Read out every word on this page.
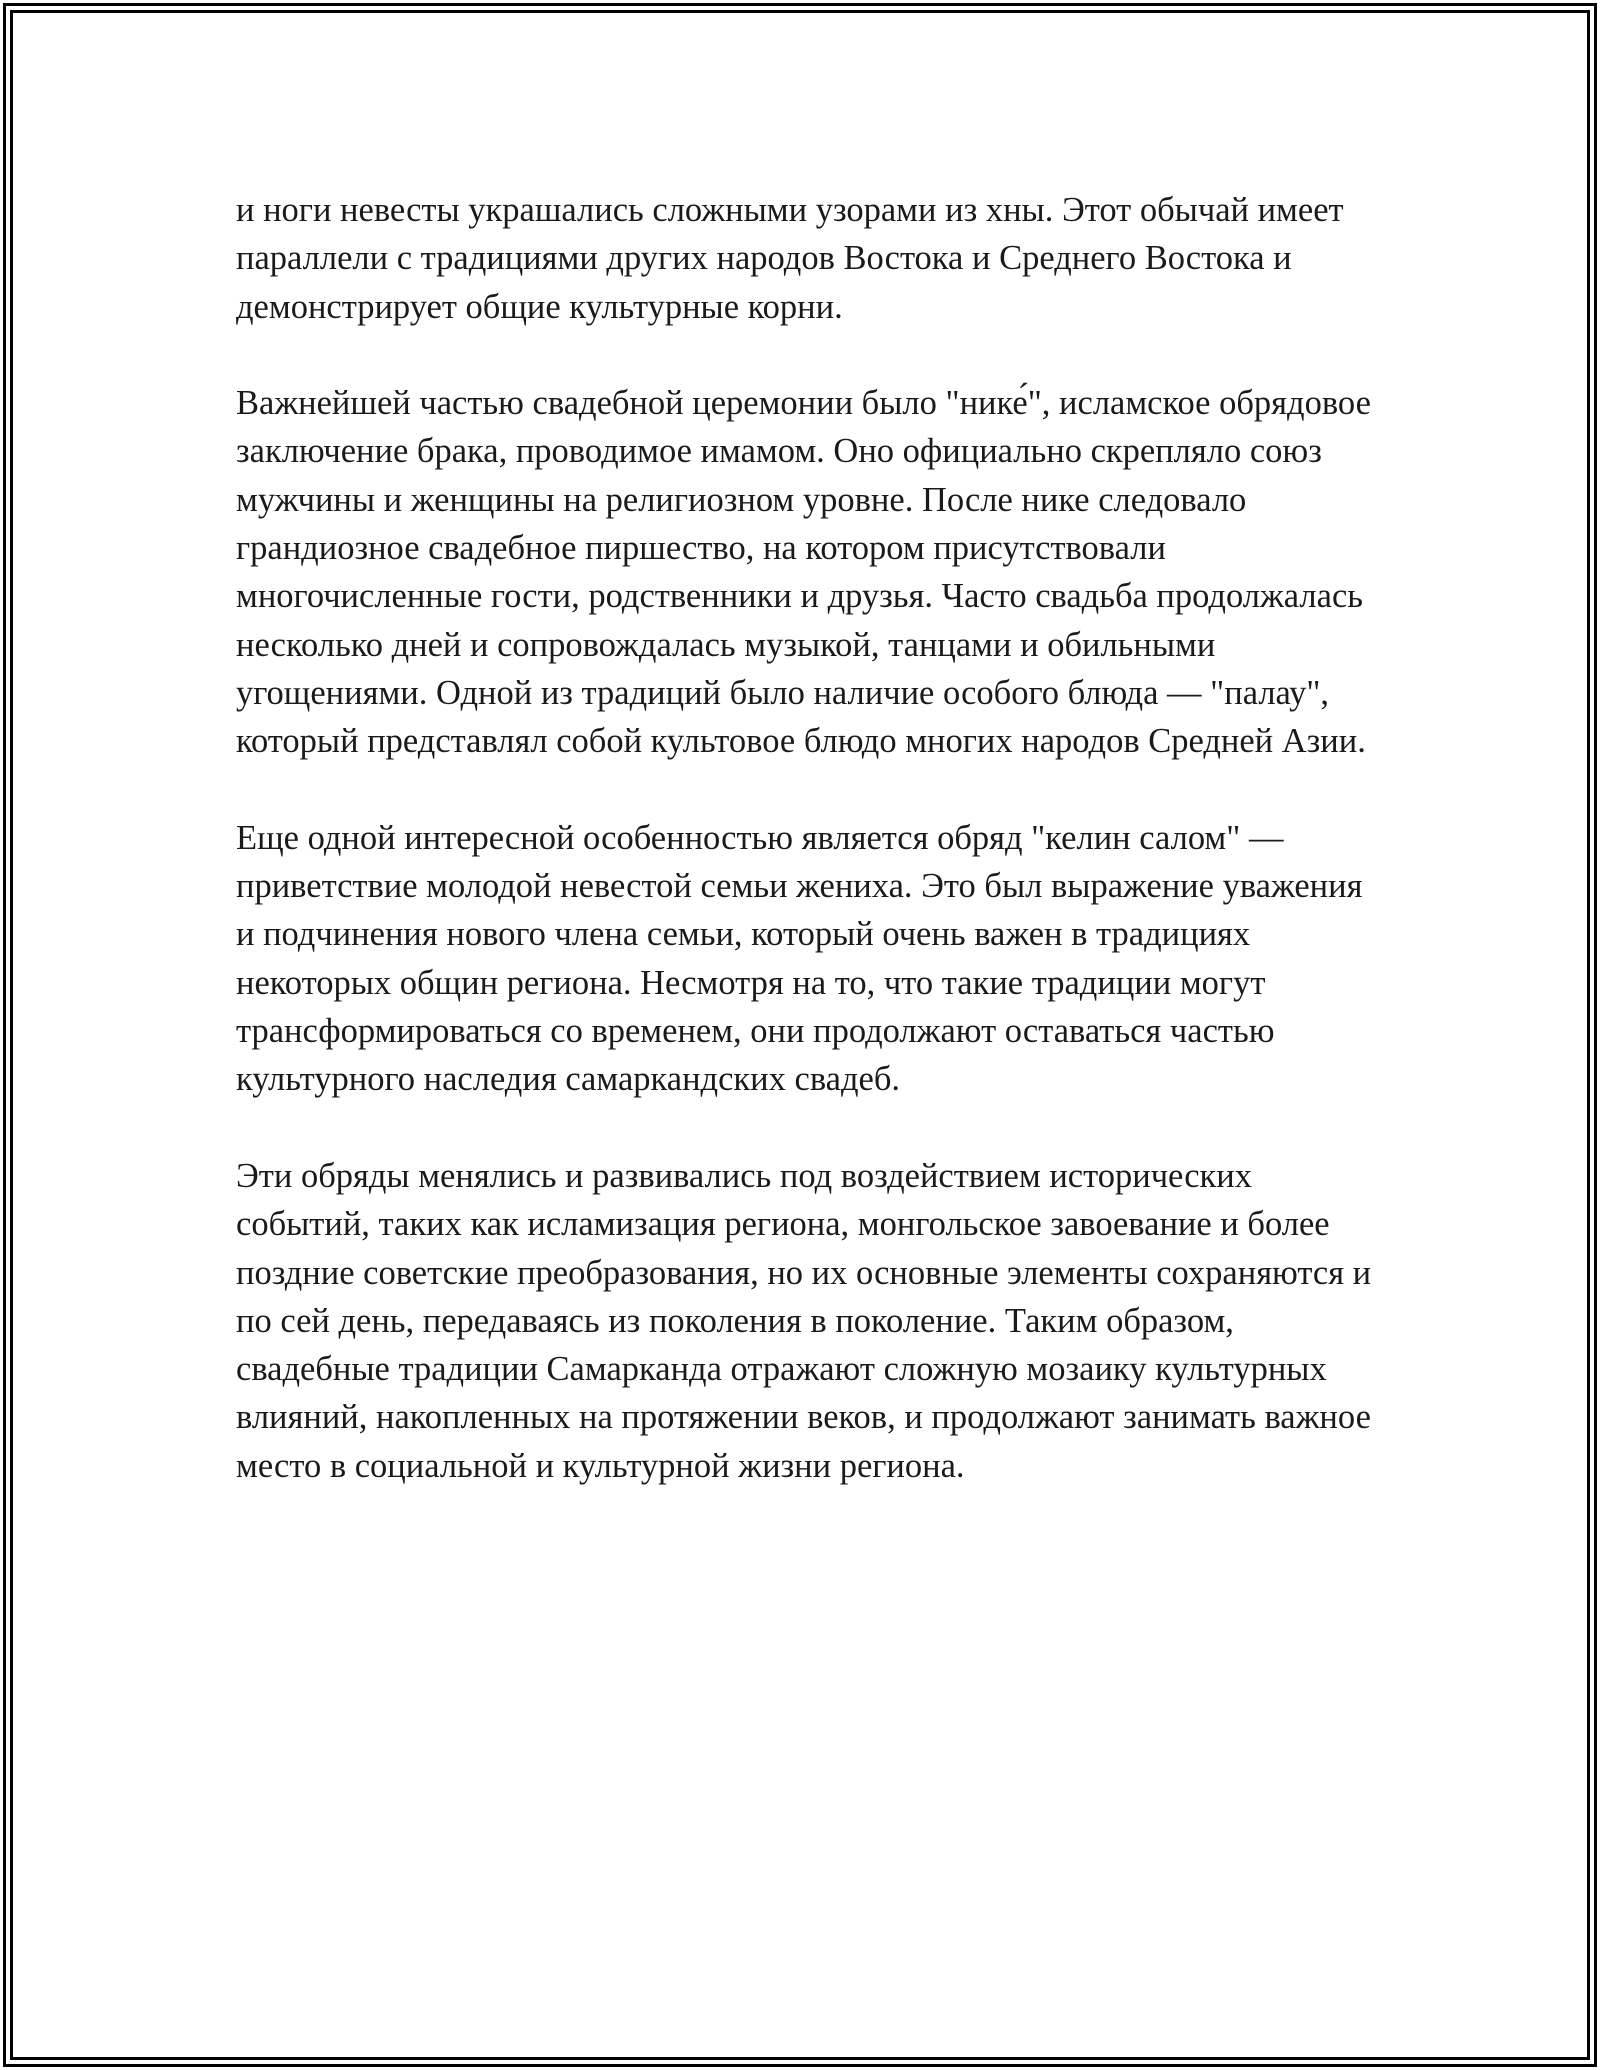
и ноги невесты украшались сложными узорами из хны. Этот обычай имеет параллели с традициями других народов Востока и Среднего Востока и демонстрирует общие культурные корни.

Важнейшей частью свадебной церемонии было "нике́", исламское обрядовое заключение брака, проводимое имамом. Оно официально скрепляло союз мужчины и женщины на религиозном уровне. После нике следовало грандиозное свадебное пиршество, на котором присутствовали многочисленные гости, родственники и друзья. Часто свадьба продолжалась несколько дней и сопровождалась музыкой, танцами и обильными угощениями. Одной из традиций было наличие особого блюда — "палау", который представлял собой культовое блюдо многих народов Средней Азии.

Еще одной интересной особенностью является обряд "келин салом" — приветствие молодой невестой семьи жениха. Это был выражение уважения и подчинения нового члена семьи, который очень важен в традициях некоторых общин региона. Несмотря на то, что такие традиции могут трансформироваться со временем, они продолжают оставаться частью культурного наследия самаркандских свадеб.

Эти обряды менялись и развивались под воздействием исторических событий, таких как исламизация региона, монгольское завоевание и более поздние советские преобразования, но их основные элементы сохраняются и по сей день, передаваясь из поколения в поколение. Таким образом, свадебные традиции Самарканда отражают сложную мозаику культурных влияний, накопленных на протяжении веков, и продолжают занимать важное место в социальной и культурной жизни региона.
